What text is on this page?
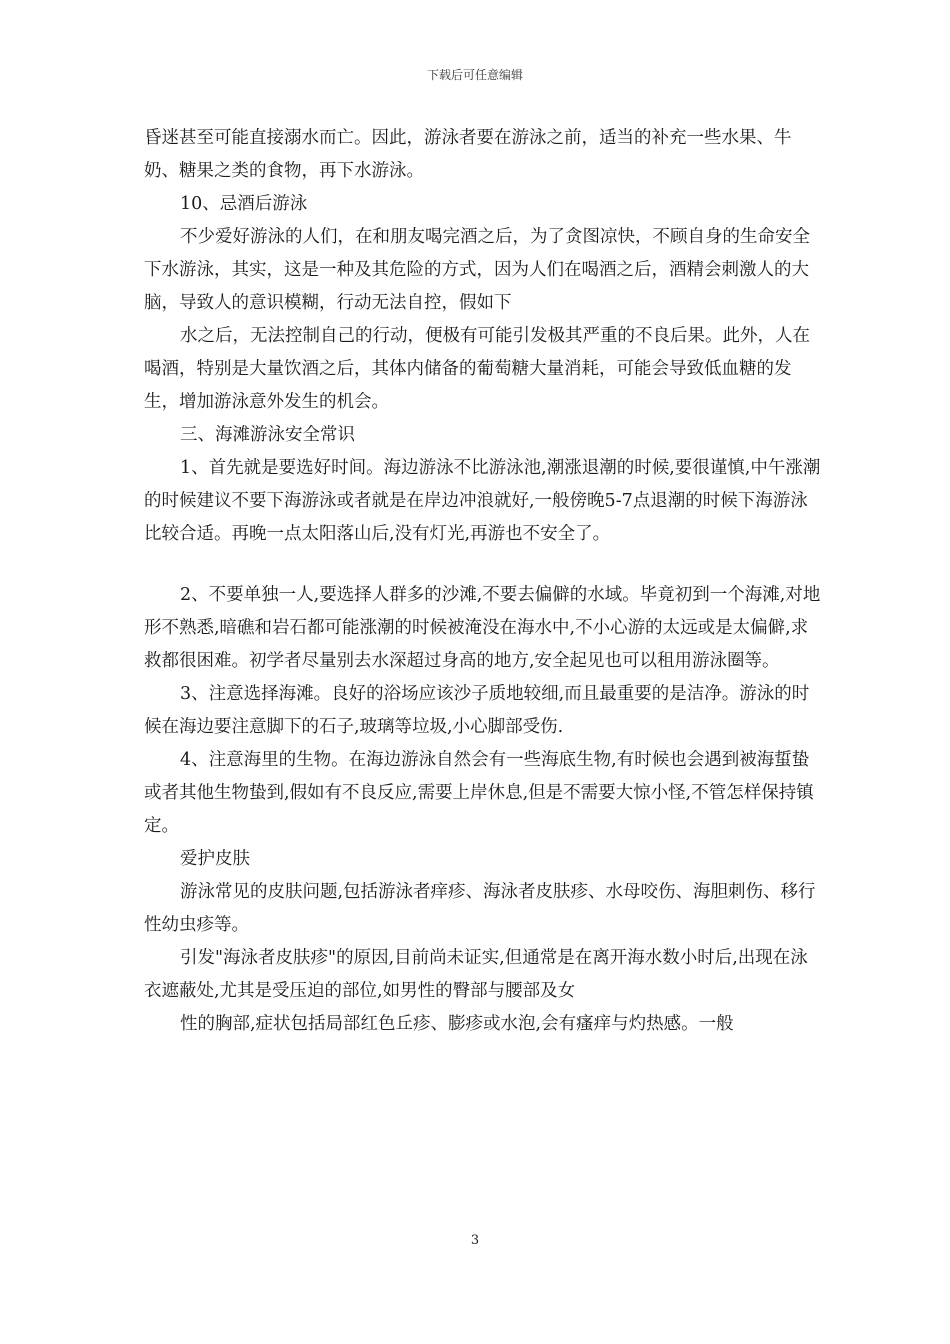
下载后可任意编辑

昏迷甚至可能直接溺水而亡。因此，游泳者要在游泳之前，适当的补充一些水果、牛奶、糖果之类的食物，再下水游泳。

10、忌酒后游泳

不少爱好游泳的人们，在和朋友喝完酒之后，为了贪图凉快，不顾自身的生命安全下水游泳，其实，这是一种及其危险的方式，因为人们在喝酒之后，酒精会刺激人的大脑，导致人的意识模糊，行动无法自控，假如下

水之后，无法控制自己的行动，便极有可能引发极其严重的不良后果。此外，人在喝酒，特别是大量饮酒之后，其体内储备的葡萄糖大量消耗，可能会导致低血糖的发生，增加游泳意外发生的机会。

三、海滩游泳安全常识

1、首先就是要选好时间。海边游泳不比游泳池,潮涨退潮的时候,要很谨慎,中午涨潮的时候建议不要下海游泳或者就是在岸边冲浪就好,一般傍晚5-7点退潮的时候下海游泳比较合适。再晚一点太阳落山后,没有灯光,再游也不安全了。

2、不要单独一人,要选择人群多的沙滩,不要去偏僻的水域。毕竟初到一个海滩,对地形不熟悉,暗礁和岩石都可能涨潮的时候被淹没在海水中,不小心游的太远或是太偏僻,求救都很困难。初学者尽量别去水深超过身高的地方,安全起见也可以租用游泳圈等。

3、注意选择海滩。良好的浴场应该沙子质地较细,而且最重要的是洁净。游泳的时候在海边要注意脚下的石子,玻璃等垃圾,小心脚部受伤.

4、注意海里的生物。在海边游泳自然会有一些海底生物,有时候也会遇到被海蜇蛰或者其他生物蛰到,假如有不良反应,需要上岸休息,但是不需要大惊小怪,不管怎样保持镇定。

爱护皮肤

游泳常见的皮肤问题,包括游泳者痒疹、海泳者皮肤疹、水母咬伤、海胆刺伤、移行性幼虫疹等。

引发"海泳者皮肤疹"的原因,目前尚未证实,但通常是在离开海水数小时后,出现在泳衣遮蔽处,尤其是受压迫的部位,如男性的臀部与腰部及女

性的胸部,症状包括局部红色丘疹、膨疹或水泡,会有瘙痒与灼热感。一般

3
